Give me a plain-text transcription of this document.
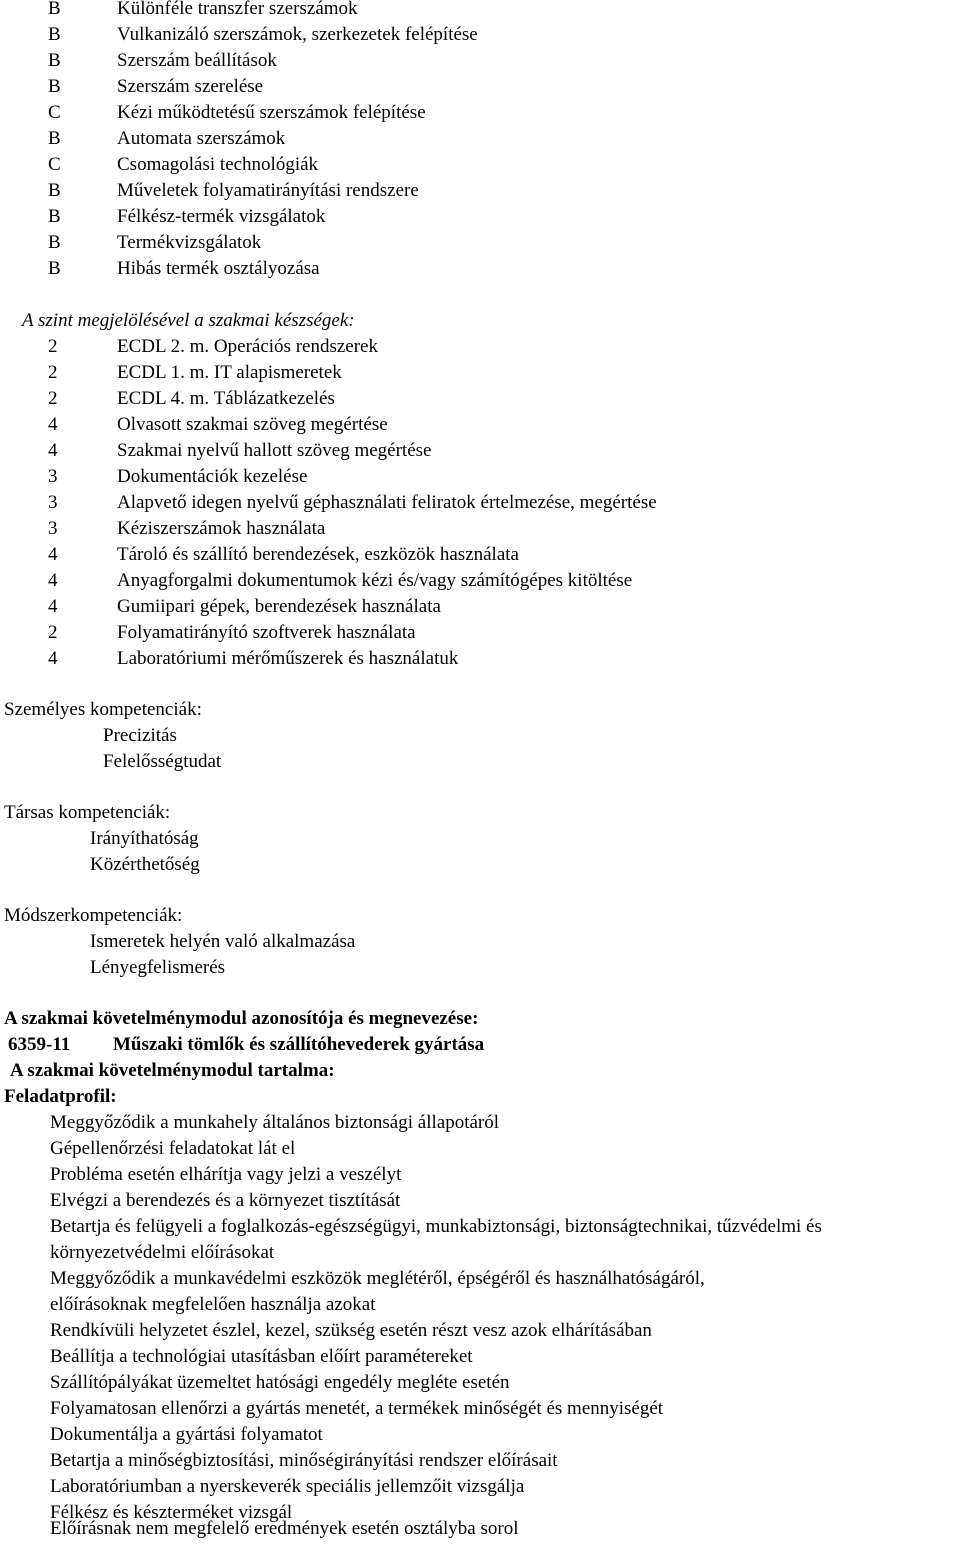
B	Különféle transzfer szerszámok
B	Vulkanizáló szerszámok, szerkezetek felépítése
B	Szerszám beállítások
B	Szerszám szerelése
C	Kézi működtetésű szerszámok felépítése
B	Automata szerszámok
C	Csomagolási technológiák
B	Műveletek folyamatirányítási rendszere
B	Félkész-termék vizsgálatok
B	Termékvizsgálatok
B	Hibás termék osztályozása
A szint megjelölésével a szakmai készségek:
2	ECDL 2. m. Operációs rendszerek
2	ECDL 1. m. IT alapismeretek
2	ECDL 4. m. Táblázatkezelés
4	Olvasott szakmai szöveg megértése
4	Szakmai nyelvű hallott szöveg megértése
3	Dokumentációk kezelése
3	Alapvető idegen nyelvű géphasználati feliratok értelmezése, megértése
3	Kéziszerszámok használata
4	Tároló és szállító berendezések, eszközök használata
4	Anyagforgalmi dokumentumok kézi és/vagy számítógépes kitöltése
4	Gumiipari gépek, berendezések használata
2	Folyamatirányító szoftverek használata
4	Laboratóriumi mérőműszerek és használatuk
Személyes kompetenciák:
Precizitás
Felelősségtudat
Társas kompetenciák:
Irányíthatóság
Közérthetőség
Módszerkompetenciák:
Ismeretek helyén való alkalmazása
Lényegfelismerés
A szakmai követelménymodul azonosítója és megnevezése:
6359-11 Műszaki tömlők és szállítóhevederek gyártása
A szakmai követelménymodul tartalma:
Feladatprofil:
Meggyőződik a munkahely általános biztonsági állapotáról
Gépellenőrzési feladatokat lát el
Probléma esetén elhárítja vagy jelzi a veszélyt
Elvégzi a berendezés és a környezet tisztítását
Betartja és felügyeli a foglalkozás-egészségügyi, munkabiztonsági, biztonságtechnikai, tűzvédelmi és
környezetvédelmi előírásokat
Meggyőződik a munkavédelmi eszközök meglétéről, épségéről és használhatóságáról,
előírásoknak megfelelően használja azokat
Rendkívüli helyzetet észlel, kezel, szükség esetén részt vesz azok elhárításában
Beállítja a technológiai utasításban előírt paramétereket
Szállítópályákat üzemeltet hatósági engedély megléte esetén
Folyamatosan ellenőrzi a gyártás menetét, a termékek minőségét és mennyiségét
Dokumentálja a gyártási folyamatot
Betartja a minőségbiztosítási, minőségirányítási rendszer előírásait
Laboratóriumban a nyerskeverék speciális jellemzőit vizsgálja
Félkész és készterméket vizsgál
Előírásnak nem megfelelő eredmények esetén osztályba sorol
